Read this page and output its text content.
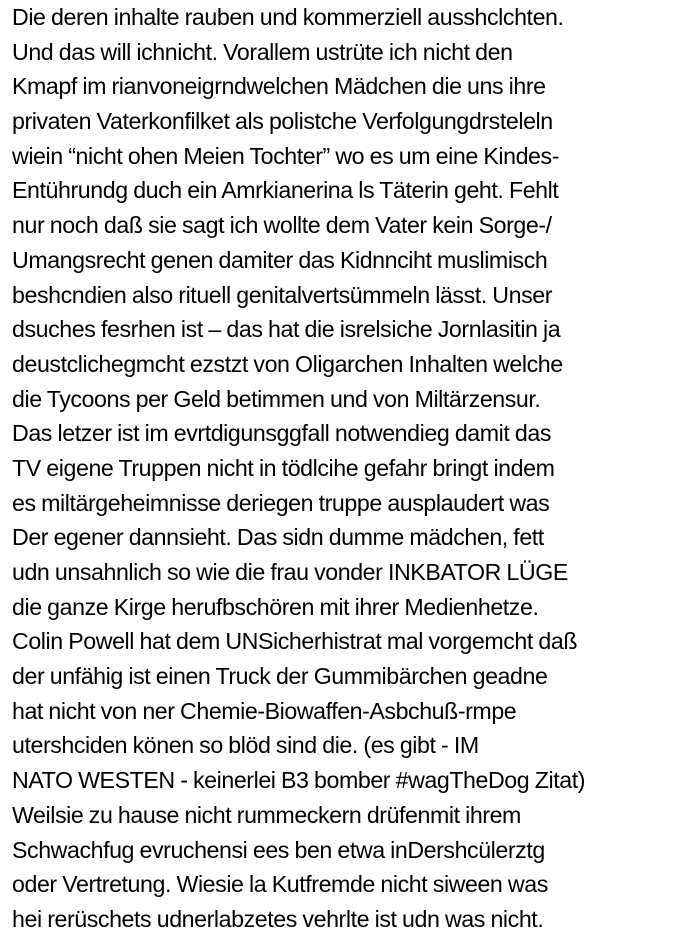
Die deren inhalte rauben und kommerziell ausshclchten.
Und das will ichnicht. Vorallem ustrüte ich nicht den
Kmapf im rianvoneigrndwelchen Mädchen die uns ihre
privaten Vaterkonfilket als polistche Verfolgungdrsteleln
wiein “nicht ohen Meien Tochter” wo es um eine Kindes-
Entührundg duch ein Amrkianerina ls Täterin geht. Fehlt
nur noch daß sie sagt ich wollte dem Vater kein Sorge-/
Umangsrecht genen damiter das Kidnnciht muslimisch
beshcndien also rituell genitalvertsümmeln lässt. Unser
dsuches fesrhen ist – das hat die isrelsiche Jornlasitin ja
deustclichegmcht ezstzt von Oligarchen Inhalten welche
die Tycoons per Geld betimmen und von Miltärzensur.
Das letzer ist im evrtdigunsggfall notwendieg damit das
TV eigene Truppen nicht in tödlcihe gefahr bringt indem
es miltärgeheimnisse deriegen truppe ausplaudert was
Der egener dannsieht. Das sidn dumme mädchen, fett
udn unsahnlich so wie die frau vonder INKBATOR LÜGE
die ganze Kirge herufbschören mit ihrer Medienhetze.
Colin Powell hat dem UNSicherhistrat mal vorgemcht daß
der unfähig ist einen Truck der Gummibärchen geadne
hat nicht von ner Chemie-Biowaffen-Asbchuß-rmpe
utershciden könen so blöd sind die. (es gibt - IM
NATO WESTEN - keinerlei B3 bomber #wagTheDog Zitat)
Weilsie zu hause nicht rummeckern drüfenmit ihrem
Schwachfug evruchensi ees ben etwa inDershcülerztg
oder Vertretung. Wiesie la Kutfremde nicht siween was
hei rerüschets udnerlabzetes vehrlte ist udn was nicht.
